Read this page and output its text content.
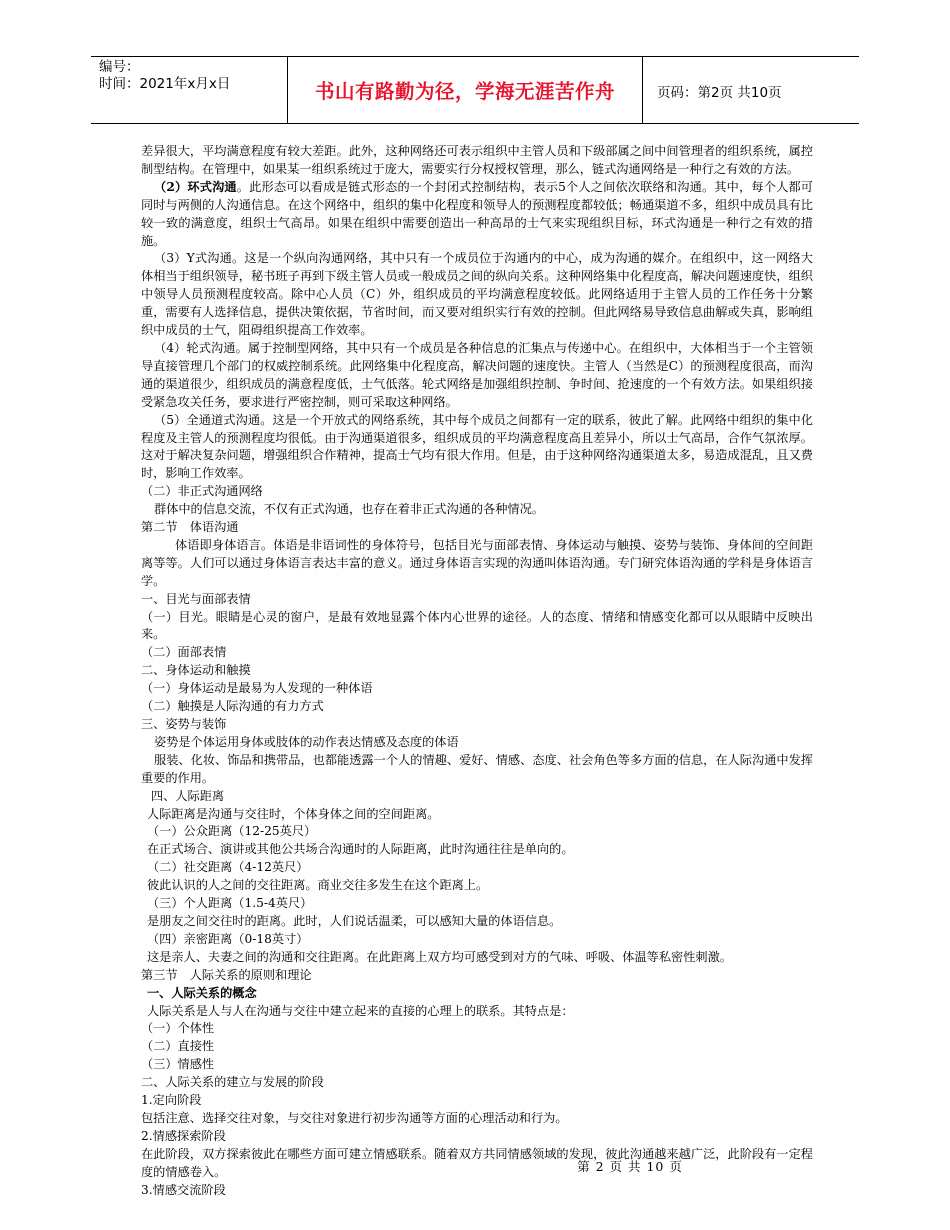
编号：
时间：2021年x月x日	书山有路勤为径，学海无涯苦作舟	页码：第2页 共10页

差异很大，平均满意程度有较大差距。此外，这种网络还可表示组织中主管人员和下级部属之间中间管理者的组织系统，属控制型结构。在管理中，如果某一组织系统过于庞大，需要实行分权授权管理，那么，链式沟通网络是一种行之有效的方法。

（2）环式沟通。此形态可以看成是链式形态的一个封闭式控制结构，表示5个人之间依次联络和沟通。其中，每个人都可同时与两侧的人沟通信息。在这个网络中，组织的集中化程度和领导人的预测程度都较低；畅通渠道不多，组织中成员具有比较一致的满意度，组织士气高昂。如果在组织中需要创造出一种高昂的士气来实现组织目标，环式沟通是一种行之有效的措施。

（3）Y式沟通。这是一个纵向沟通网络，其中只有一个成员位于沟通内的中心，成为沟通的媒介。在组织中，这一网络大体相当于组织领导，秘书班子再到下级主管人员或一般成员之间的纵向关系。这种网络集中化程度高，解决问题速度快，组织中领导人员预测程度较高。除中心人员（C）外，组织成员的平均满意程度较低。此网络适用于主管人员的工作任务十分繁重，需要有人选择信息，提供决策依据，节省时间，而又要对组织实行有效的控制。但此网络易导致信息曲解或失真，影响组织中成员的士气，阻碍组织提高工作效率。

（4）轮式沟通。属于控制型网络，其中只有一个成员是各种信息的汇集点与传递中心。在组织中，大体相当于一个主管领导直接管理几个部门的权威控制系统。此网络集中化程度高，解决问题的速度快。主管人（当然是C）的预测程度很高，而沟通的渠道很少，组织成员的满意程度低，士气低落。轮式网络是加强组织控制、争时间、抢速度的一个有效方法。如果组织接受紧急攻关任务，要求进行严密控制，则可采取这种网络。

（5）全通道式沟通。这是一个开放式的网络系统，其中每个成员之间都有一定的联系，彼此了解。此网络中组织的集中化程度及主管人的预测程度均很低。由于沟通渠道很多，组织成员的平均满意程度高且差异小，所以士气高昂，合作气氛浓厚。这对于解决复杂问题，增强组织合作精神，提高士气均有很大作用。但是，由于这种网络沟通渠道太多，易造成混乱，且又费时，影响工作效率。

（二）非正式沟通网络

群体中的信息交流，不仅有正式沟通，也存在着非正式沟通的各种情况。

第二节　体语沟通

体语即身体语言。体语是非语词性的身体符号，包括目光与面部表情、身体运动与触摸、姿势与装饰、身体间的空间距离等等。人们可以通过身体语言表达丰富的意义。通过身体语言实现的沟通叫体语沟通。专门研究体语沟通的学科是身体语言学。

一、目光与面部表情

（一）目光。眼睛是心灵的窗户，是最有效地显露个体内心世界的途径。人的态度、情绪和情感变化都可以从眼睛中反映出来。

（二）面部表情

二、身体运动和触摸

（一）身体运动是最易为人发现的一种体语

（二）触摸是人际沟通的有力方式

三、姿势与装饰

姿势是个体运用身体或肢体的动作表达情感及态度的体语

服装、化妆、饰品和携带品，也都能透露一个人的情趣、爱好、情感、态度、社会角色等多方面的信息，在人际沟通中发挥重要的作用。

四、人际距离

人际距离是沟通与交往时，个体身体之间的空间距离。

（一）公众距离（12-25英尺）

在正式场合、演讲或其他公共场合沟通时的人际距离，此时沟通往往是单向的。

（二）社交距离（4-12英尺）

彼此认识的人之间的交往距离。商业交往多发生在这个距离上。

（三）个人距离（1.5-4英尺）

是朋友之间交往时的距离。此时，人们说话温柔，可以感知大量的体语信息。

（四）亲密距离（0-18英寸）

这是亲人、夫妻之间的沟通和交往距离。在此距离上双方均可感受到对方的气味、呼吸、体温等私密性刺激。

第三节　人际关系的原则和理论

一、人际关系的概念

人际关系是人与人在沟通与交往中建立起来的直接的心理上的联系。其特点是：

（一）个体性

（二）直接性

（三）情感性

二、人际关系的建立与发展的阶段

1.定向阶段

包括注意、选择交往对象，与交往对象进行初步沟通等方面的心理活动和行为。

2.情感探索阶段

在此阶段，双方探索彼此在哪些方面可建立情感联系。随着双方共同情感领域的发现，彼此沟通越来越广泛，此阶段有一定程度的情感卷入。

3.情感交流阶段

第 2 页 共 10 页
